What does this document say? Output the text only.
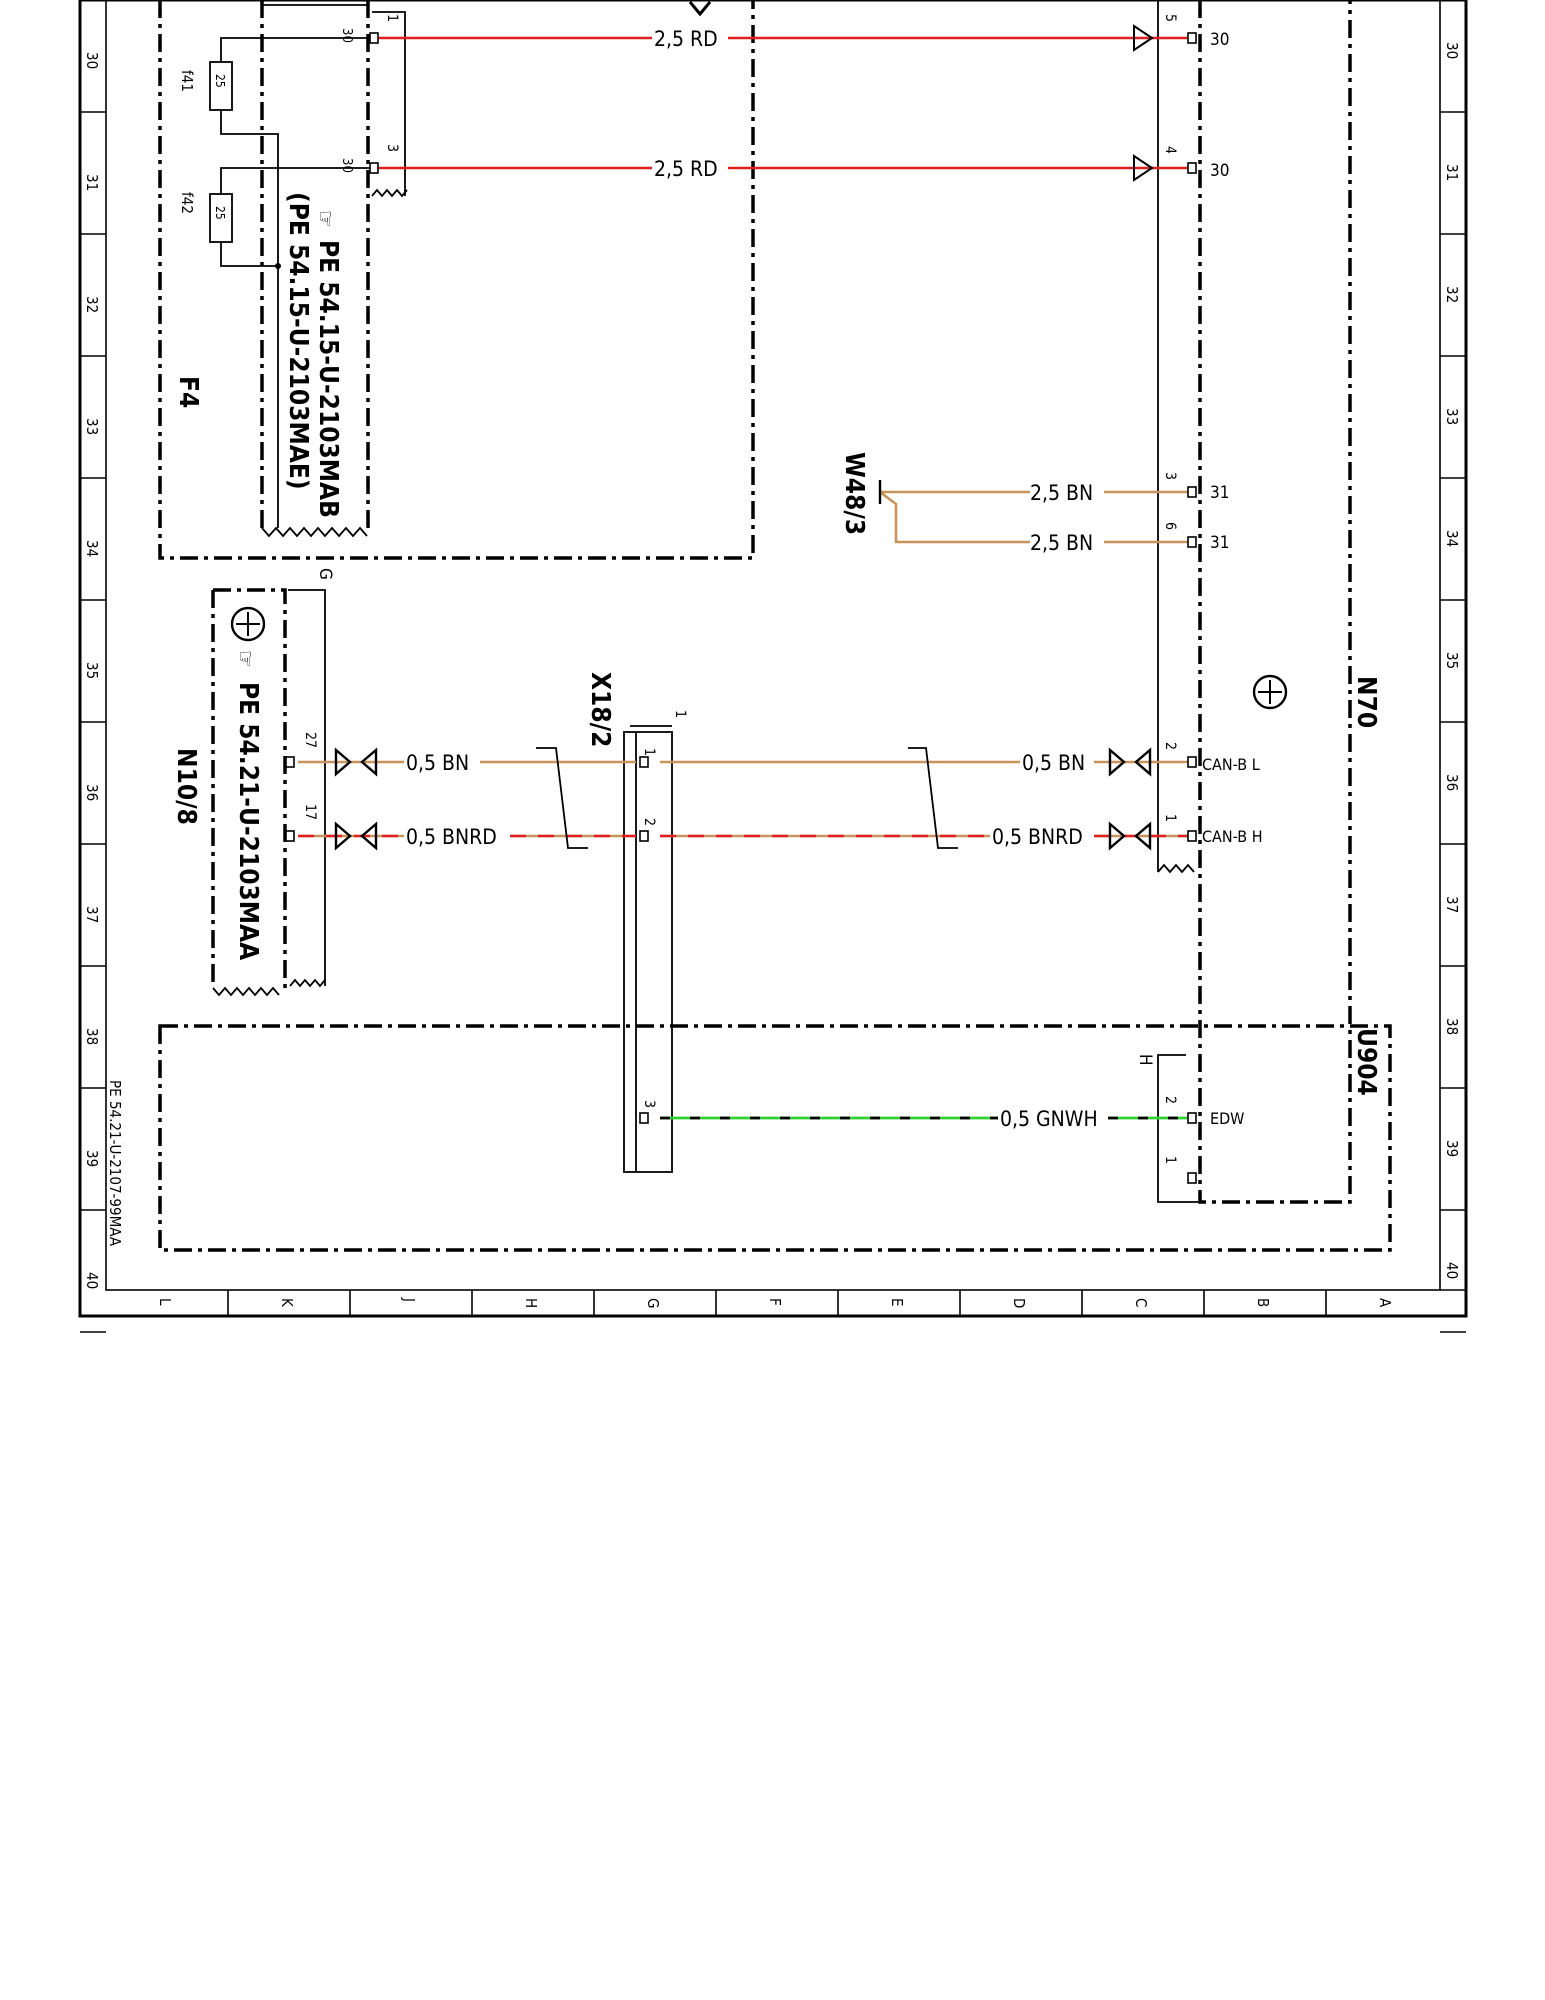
30
31
32
33
34
35
36
37
38
39
40
30
31
32
33
34
35
36
37
38
39
40
L	K	J	H	G	F	E	D	C	B	A
PE 54.21-U-2107-99MAA
25
f41
25
f42
1
3
30
30
☞
PE 54.15-U-2103MAB
(PE 54.15-U-2103MAE)
F4
☞
PE 54.21-U-2103MAA
N10/8
G
27
17
X18/2	1
1
2
3
W48/3
N70
5
30
4
30
3
31
6
31
2
CAN-B L
1
CAN-B H
U904
H
2
EDW
1
2,5 RD
2,5 RD
2,5 BN
2,5 BN
0,5 BN	0,5 BN
0,5 BNRD	0,5 BNRD
0,5 GNWH
